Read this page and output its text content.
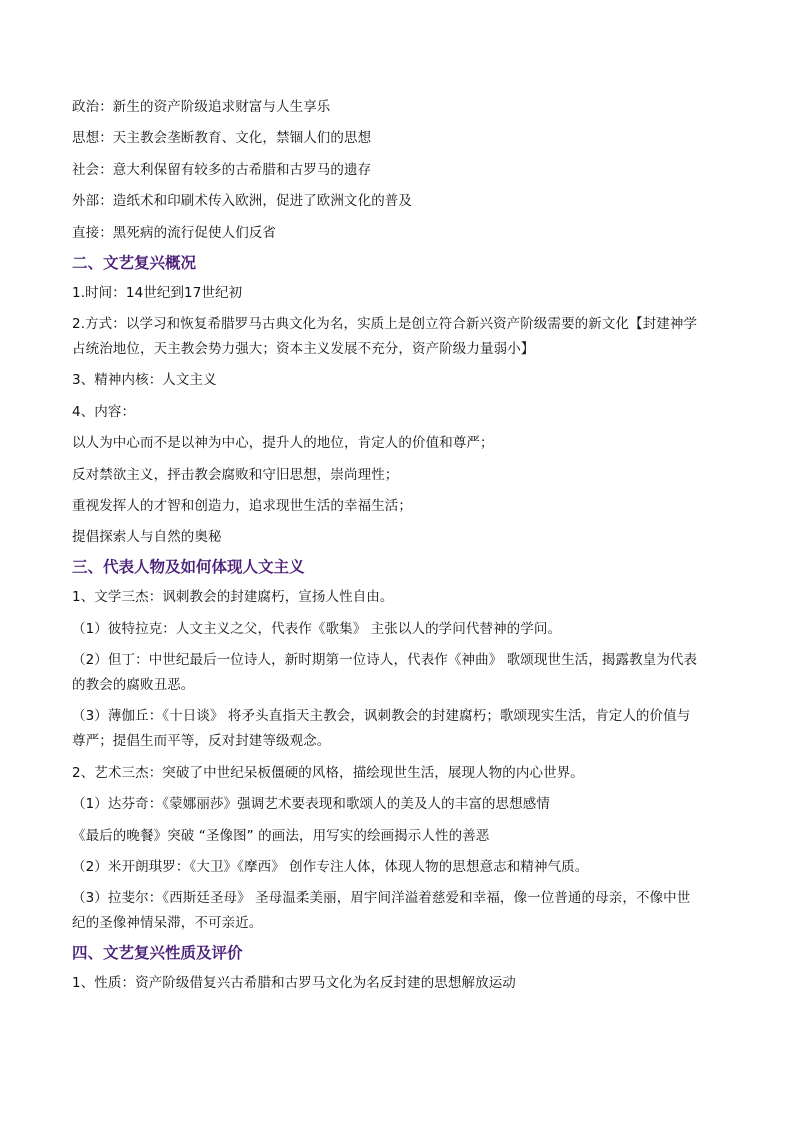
政治：新生的资产阶级追求财富与人生享乐

思想：天主教会垄断教育、文化，禁锢人们的思想

社会：意大利保留有较多的古希腊和古罗马的遗存

外部：造纸术和印刷术传入欧洲，促进了欧洲文化的普及

直接：黑死病的流行促使人们反省

二、文艺复兴概况

1.时间：14世纪到17世纪初

2.方式：以学习和恢复希腊罗马古典文化为名，实质上是创立符合新兴资产阶级需要的新文化【封建神学

占统治地位，天主教会势力强大；资本主义发展不充分，资产阶级力量弱小】

3、精神内核：人文主义

4、内容：

以人为中心而不是以神为中心，提升人的地位，肯定人的价值和尊严；

反对禁欲主义，抨击教会腐败和守旧思想，崇尚理性；

重视发挥人的才智和创造力，追求现世生活的幸福生活；

提倡探索人与自然的奥秘

三、代表人物及如何体现人文主义

1、文学三杰：讽刺教会的封建腐朽，宣扬人性自由。

（1）彼特拉克：人文主义之父，代表作《歌集》 主张以人的学问代替神的学问。

（2）但丁：中世纪最后一位诗人，新时期第一位诗人，代表作《神曲》 歌颂现世生活，揭露教皇为代表

的教会的腐败丑恶。

（3）薄伽丘：《十日谈》 将矛头直指天主教会，讽刺教会的封建腐朽；歌颂现实生活，肯定人的价值与

尊严；提倡生而平等，反对封建等级观念。

2、艺术三杰：突破了中世纪呆板僵硬的风格，描绘现世生活，展现人物的内心世界。

（1）达芬奇：《蒙娜丽莎》强调艺术要表现和歌颂人的美及人的丰富的思想感情

《最后的晚餐》突破 “圣像图” 的画法，用写实的绘画揭示人性的善恶

（2）米开朗琪罗：《大卫》《摩西》 创作专注人体，体现人物的思想意志和精神气质。

（3）拉斐尔：《西斯廷圣母》 圣母温柔美丽，眉宇间洋溢着慈爱和幸福，像一位普通的母亲，不像中世

纪的圣像神情呆滞，不可亲近。

四、文艺复兴性质及评价

1、性质：资产阶级借复兴古希腊和古罗马文化为名反封建的思想解放运动
